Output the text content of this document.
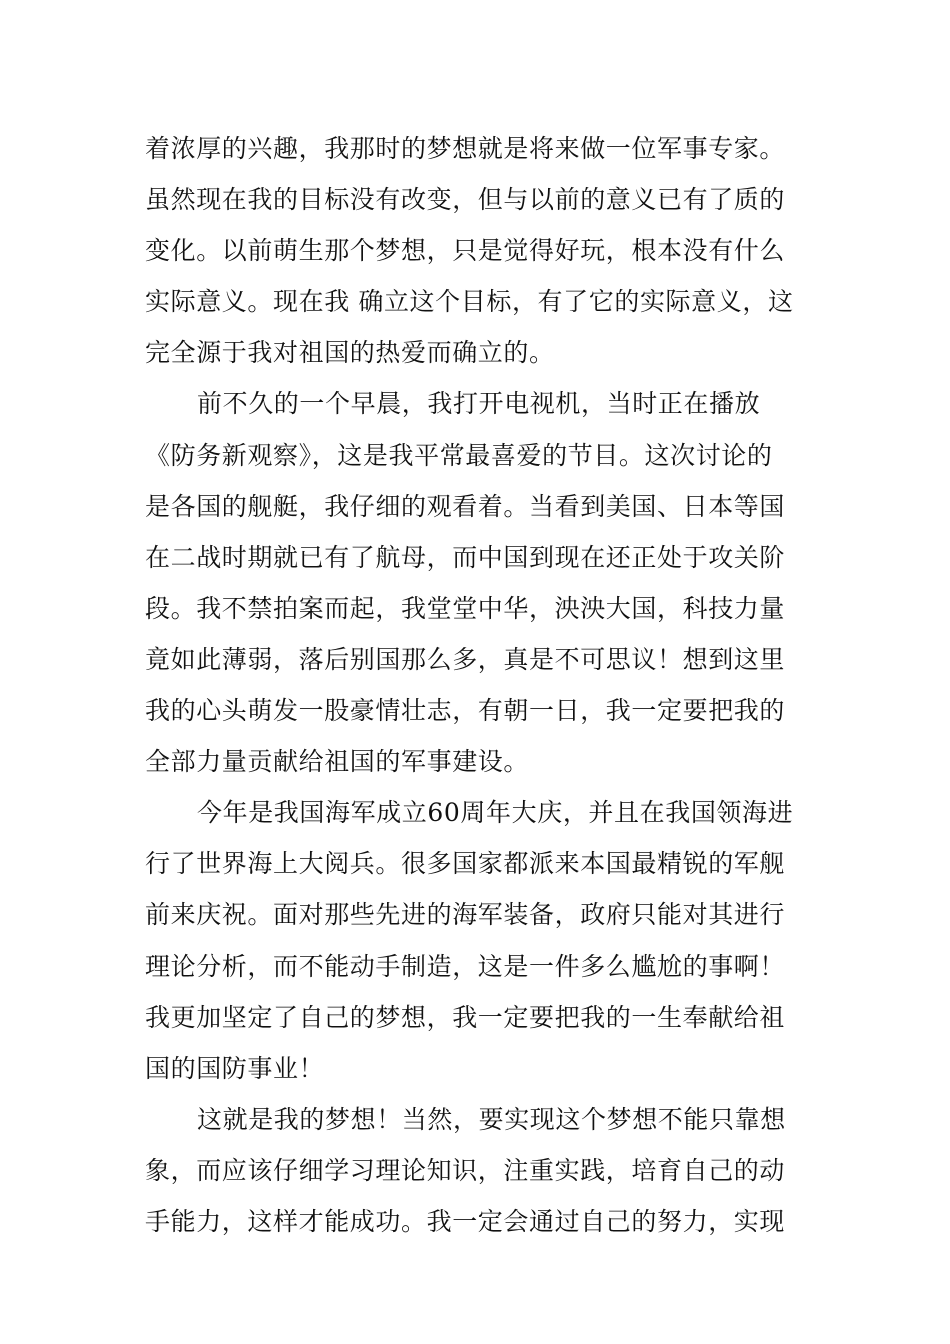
着浓厚的兴趣，我那时的梦想就是将来做一位军事专家。
虽然现在我的目标没有改变，但与以前的意义已有了质的
变化。以前萌生那个梦想，只是觉得好玩，根本没有什么
实际意义。现在我 确立这个目标，有了它的实际意义，这
完全源于我对祖国的热爱而确立的。
前不久的一个早晨，我打开电视机，当时正在播放
《防务新观察》，这是我平常最喜爱的节目。这次讨论的
是各国的舰艇，我仔细的观看着。当看到美国、日本等国
在二战时期就已有了航母，而中国到现在还正处于攻关阶
段。我不禁拍案而起，我堂堂中华，泱泱大国，科技力量
竟如此薄弱，落后别国那么多，真是不可思议！想到这里
我的心头萌发一股豪情壮志，有朝一日，我一定要把我的
全部力量贡献给祖国的军事建设。
今年是我国海军成立60周年大庆，并且在我国领海进
行了世界海上大阅兵。很多国家都派来本国最精锐的军舰
前来庆祝。面对那些先进的海军装备，政府只能对其进行
理论分析，而不能动手制造，这是一件多么尴尬的事啊！
我更加坚定了自己的梦想，我一定要把我的一生奉献给祖
国的国防事业！
这就是我的梦想！当然，要实现这个梦想不能只靠想
象，而应该仔细学习理论知识，注重实践，培育自己的动
手能力，这样才能成功。我一定会通过自己的努力，实现
